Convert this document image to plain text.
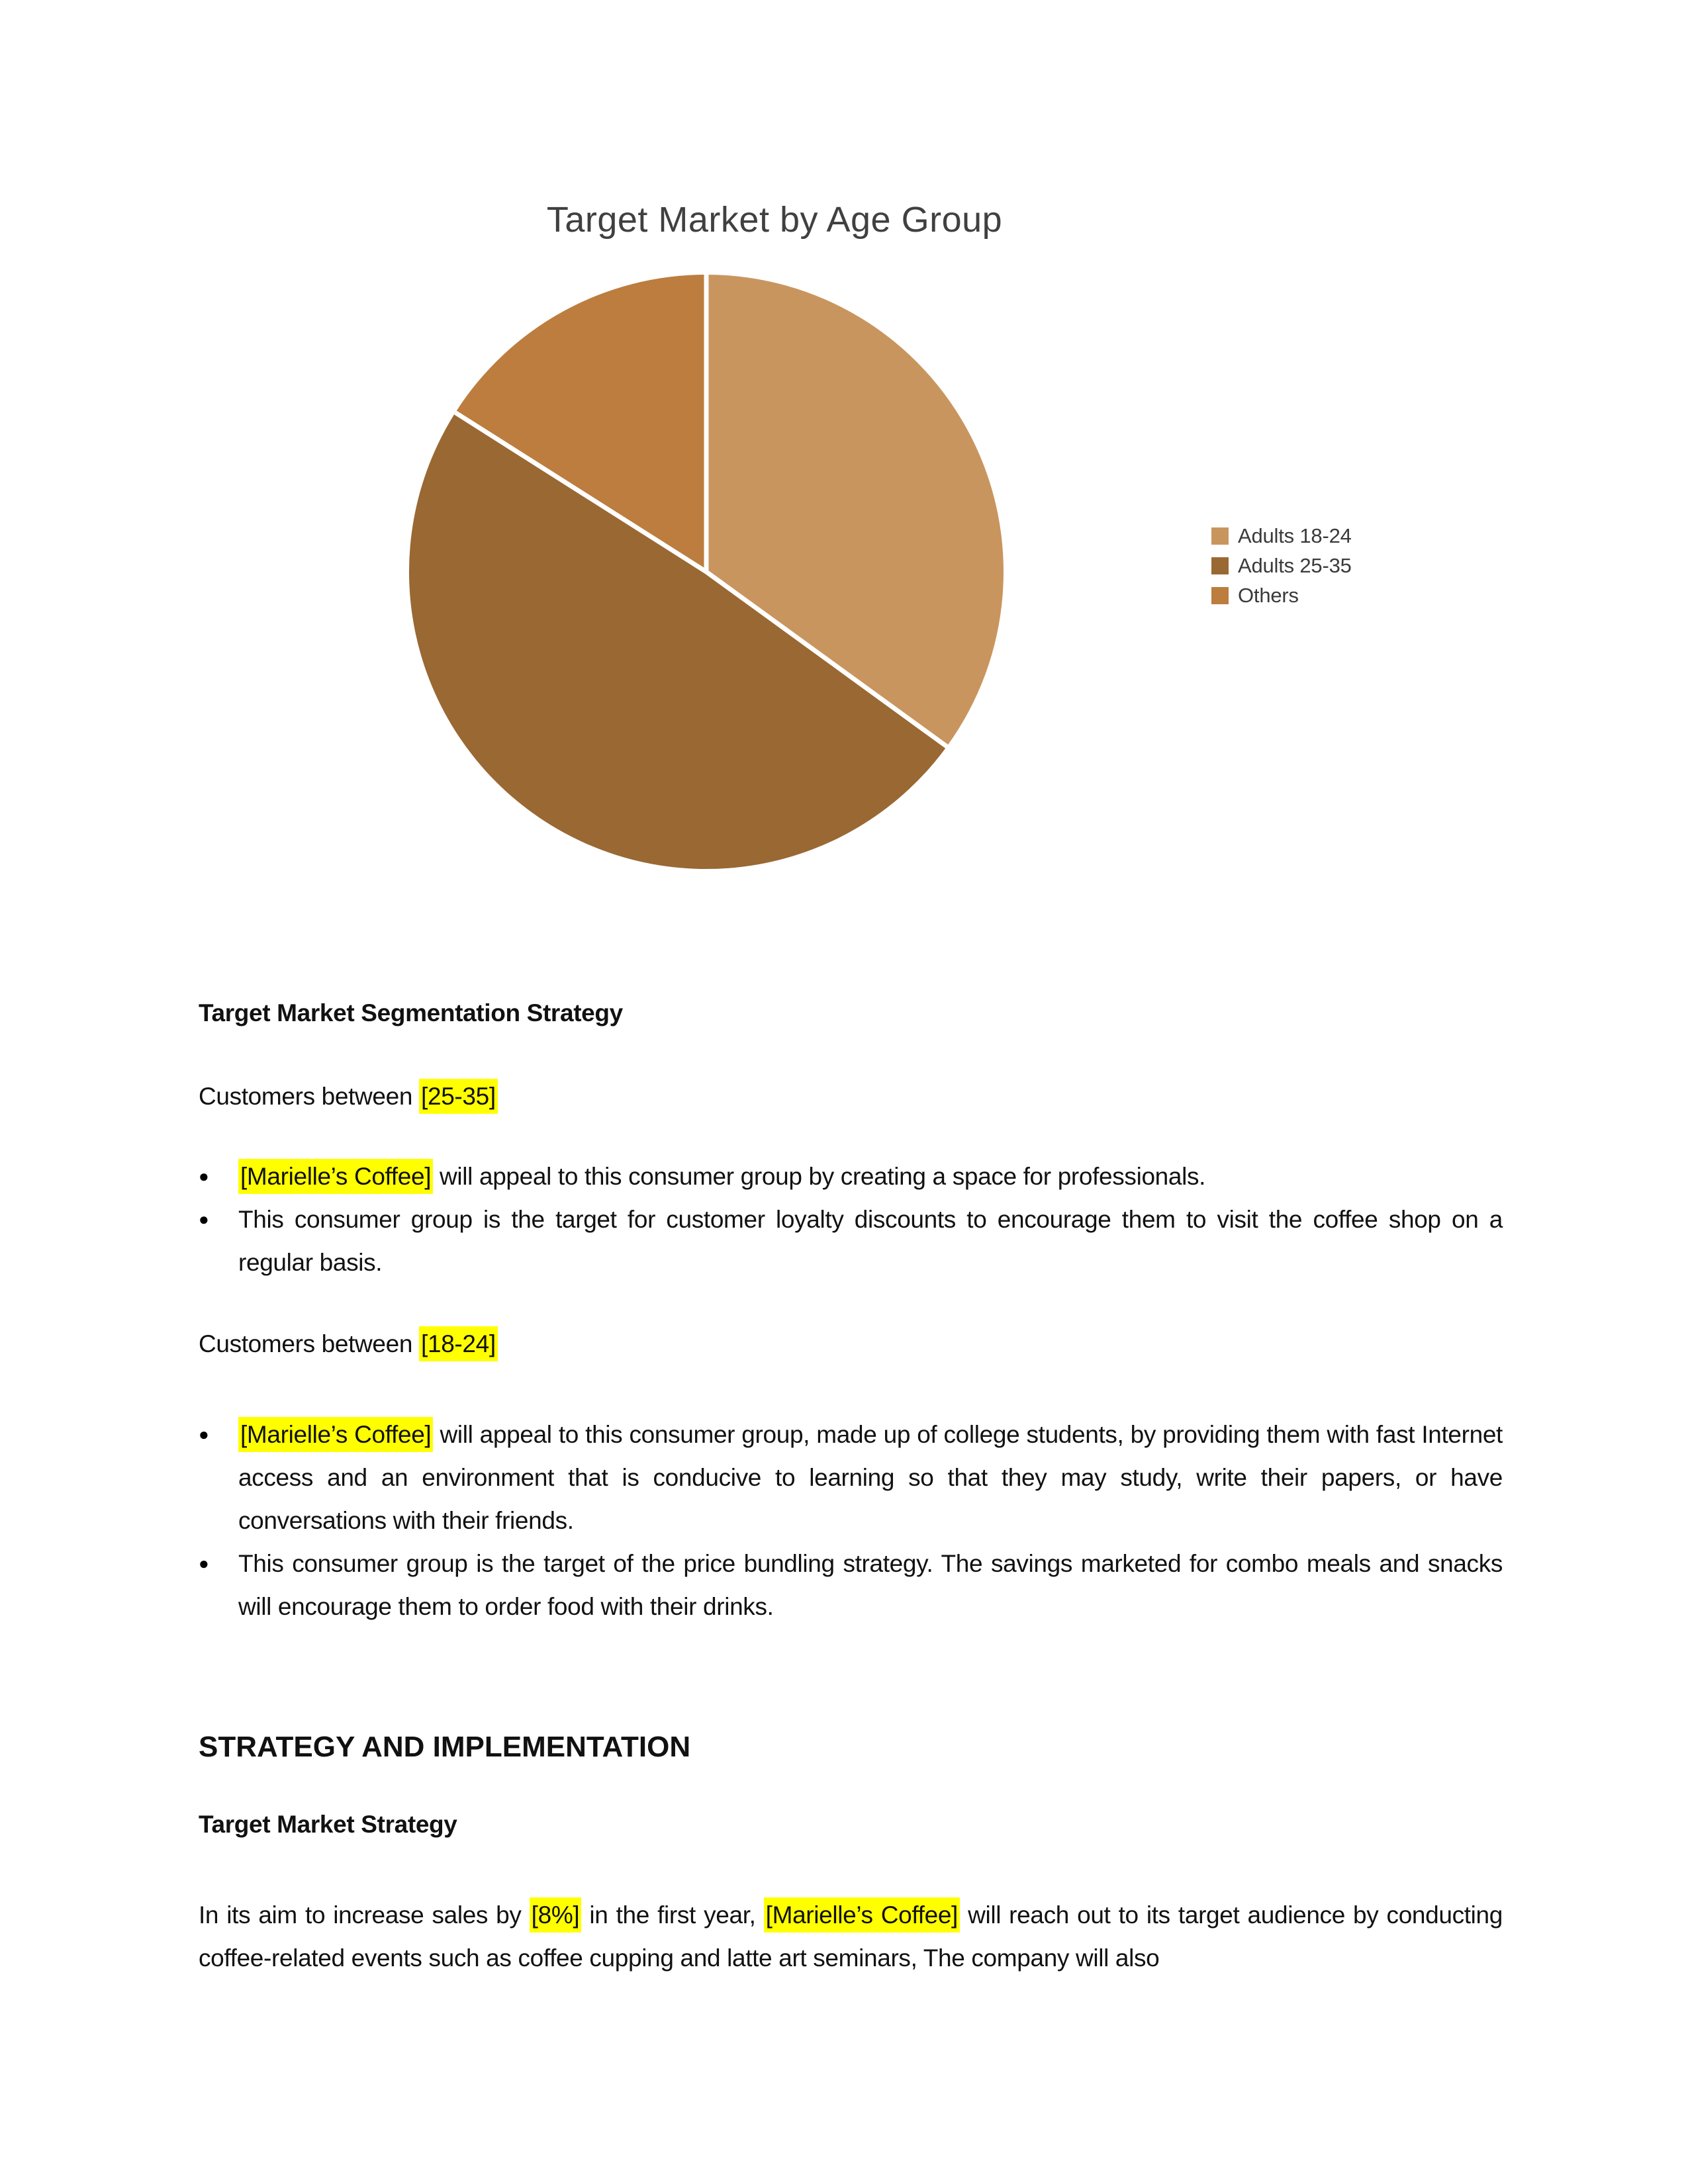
Target Market by Age Group
Adults 18-24
Adults 25-35
Others
Target Market Segmentation Strategy
Customers between [25-35]
●	[Marielle’s Coffee] will appeal to this consumer group by creating a space for professionals.
●	This consumer group is the target for customer loyalty discounts to encourage them to visit the coffee shop on a regular basis.
Customers between [18-24]
●	[Marielle’s Coffee] will appeal to this consumer group, made up of college students, by providing them with fast Internet access and an environment that is conducive to learning so that they may study, write their papers, or have conversations with their friends.
●	This consumer group is the target of the price bundling strategy. The savings marketed for combo meals and snacks will encourage them to order food with their drinks.
STRATEGY AND IMPLEMENTATION
Target Market Strategy
In its aim to increase sales by [8%] in the first year, [Marielle’s Coffee] will reach out to its target audience by conducting coffee-related events such as coffee cupping and latte art seminars, The company will also
